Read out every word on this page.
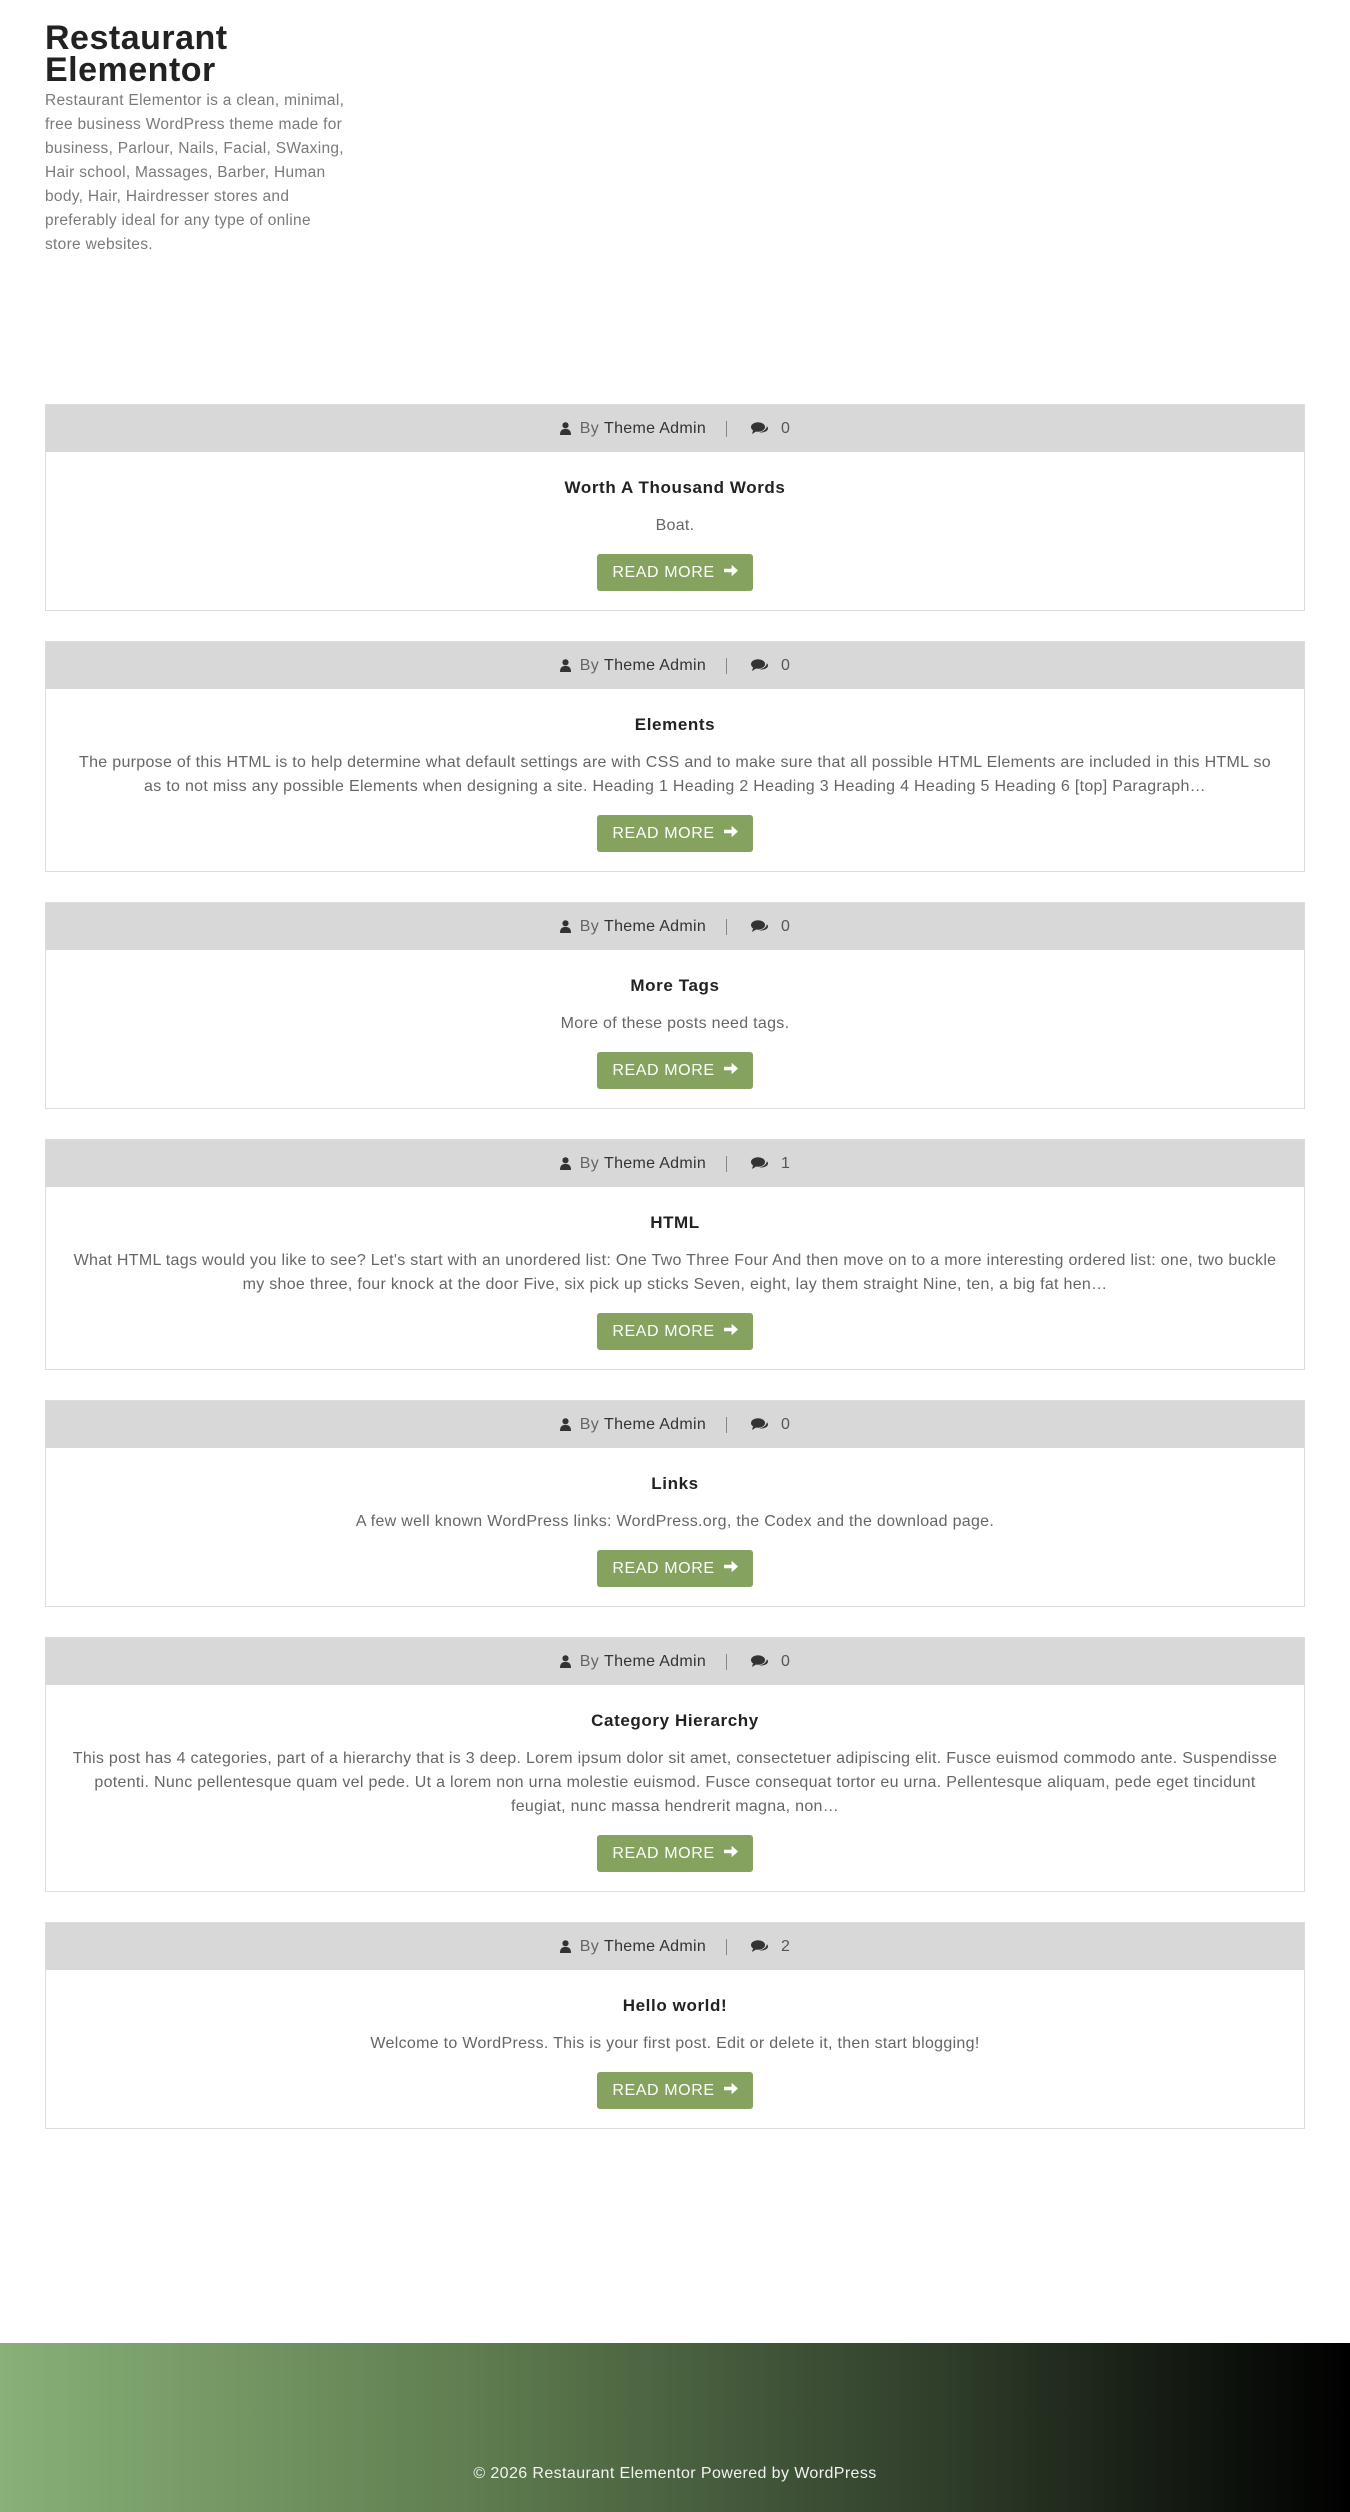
Restaurant Elementor

Restaurant Elementor is a clean, minimal, free business WordPress theme made for business, Parlour, Nails, Facial, SWaxing, Hair school, Massages, Barber, Human body, Hair, Hairdresser stores and preferably ideal for any type of online store websites.

By Theme Admin	0
Worth A Thousand Words

Boat.

READ MORE
By Theme Admin	0
Elements

The purpose of this HTML is to help determine what default settings are with CSS and to make sure that all possible HTML Elements are included in this HTML so as to not miss any possible Elements when designing a site. Heading 1 Heading 2 Heading 3 Heading 4 Heading 5 Heading 6 [top] Paragraph…

READ MORE
By Theme Admin	0
More Tags

More of these posts need tags.

READ MORE
By Theme Admin	1
HTML

What HTML tags would you like to see? Let's start with an unordered list: One Two Three Four And then move on to a more interesting ordered list: one, two buckle my shoe three, four knock at the door Five, six pick up sticks Seven, eight, lay them straight Nine, ten, a big fat hen…

READ MORE
By Theme Admin	0
Links

A few well known WordPress links: WordPress.org, the Codex and the download page.

READ MORE
By Theme Admin	0
Category Hierarchy

This post has 4 categories, part of a hierarchy that is 3 deep. Lorem ipsum dolor sit amet, consectetuer adipiscing elit. Fusce euismod commodo ante. Suspendisse potenti. Nunc pellentesque quam vel pede. Ut a lorem non urna molestie euismod. Fusce consequat tortor eu urna. Pellentesque aliquam, pede eget tincidunt feugiat, nunc massa hendrerit magna, non…

READ MORE
By Theme Admin	2
Hello world!

Welcome to WordPress. This is your first post. Edit or delete it, then start blogging!

READ MORE
© 2026 Restaurant Elementor Powered by WordPress
